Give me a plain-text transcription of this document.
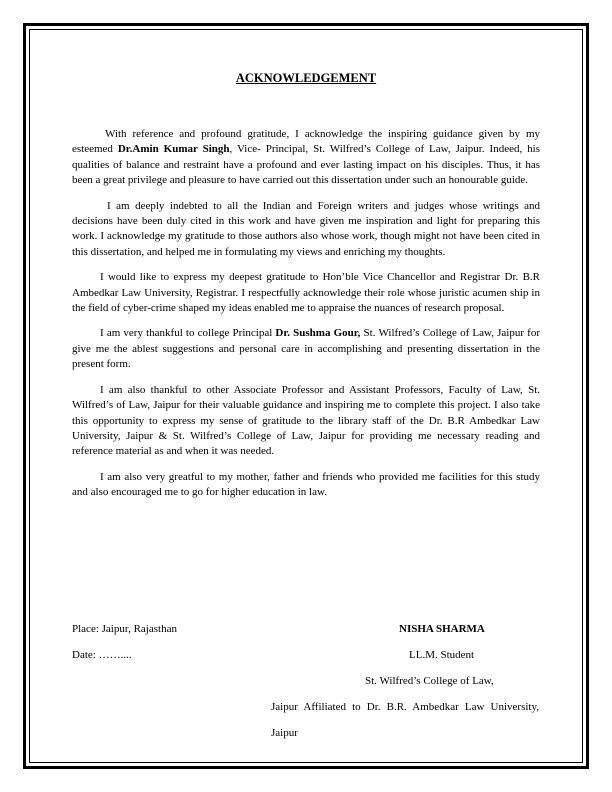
ACKNOWLEDGEMENT

With reference and profound gratitude, I acknowledge the inspiring guidance given by my esteemed Dr.Amin Kumar Singh, Vice- Principal, St. Wilfred’s College of Law, Jaipur. Indeed, his qualities of balance and restraint have a profound and ever lasting impact on his disciples. Thus, it has been a great privilege and pleasure to have carried out this dissertation under such an honourable guide.

I am deeply indebted to all the Indian and Foreign writers and judges whose writings and decisions have been duly cited in this work and have given me inspiration and light for preparing this work. I acknowledge my gratitude to those authors also whose work, though might not have been cited in this dissertation, and helped me in formulating my views and enriching my thoughts.

I would like to express my deepest gratitude to Hon’ble Vice Chancellor and Registrar Dr. B.R Ambedkar Law University, Registrar. I respectfully acknowledge their role whose juristic acumen ship in the field of cyber-crime shaped my ideas enabled me to appraise the nuances of research proposal.

I am very thankful to college Principal Dr. Sushma Gour, St. Wilfred’s College of Law, Jaipur for give me the ablest suggestions and personal care in accomplishing and presenting dissertation in the present form.

I am also thankful to other Associate Professor and Assistant Professors, Faculty of Law, St. Wilfred’s of Law, Jaipur for their valuable guidance and inspiring me to complete this project. I also take this opportunity to express my sense of gratitude to the library staff of the Dr. B.R Ambedkar Law University, Jaipur & St. Wilfred’s College of Law, Jaipur for providing me necessary reading and reference material as and when it was needed.

I am also very greatful to my mother, father and friends who provided me facilities for this study and also encouraged me to go for higher education in law.

Place: Jaipur, Rajasthan
Date: ……....
NISHA SHARMA
LL.M. Student
St. Wilfred’s College of Law,
Jaipur Affiliated to Dr. B.R. Ambedkar Law University,
Jaipur
